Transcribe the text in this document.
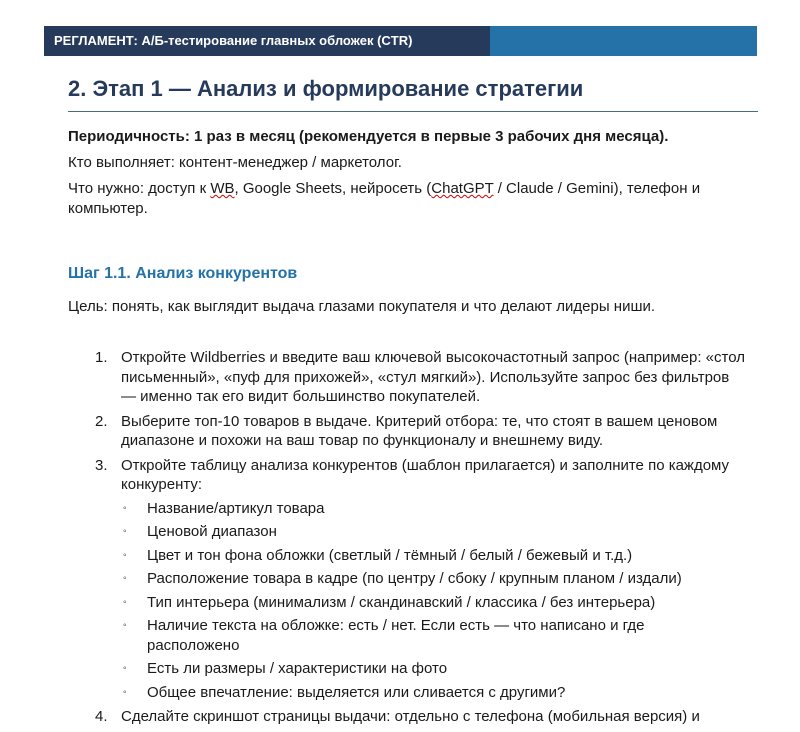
РЕГЛАМЕНТ: А/Б-тестирование главных обложек (CTR)
2. Этап 1 — Анализ и формирование стратегии
Периодичность: 1 раз в месяц (рекомендуется в первые 3 рабочих дня месяца).
Кто выполняет: контент-менеджер / маркетолог.
Что нужно: доступ к WB, Google Sheets, нейросеть (ChatGPT / Claude / Gemini), телефон и компьютер.
Шаг 1.1. Анализ конкурентов
Цель: понять, как выглядит выдача глазами покупателя и что делают лидеры ниши.
1. Откройте Wildberries и введите ваш ключевой высокочастотный запрос (например: «стол письменный», «пуф для прихожей», «стул мягкий»). Используйте запрос без фильтров — именно так его видит большинство покупателей.
2. Выберите топ-10 товаров в выдаче. Критерий отбора: те, что стоят в вашем ценовом диапазоне и похожи на ваш товар по функционалу и внешнему виду.
3. Откройте таблицу анализа конкурентов (шаблон прилагается) и заполните по каждому конкуренту:
◦ Название/артикул товара
◦ Ценовой диапазон
◦ Цвет и тон фона обложки (светлый / тёмный / белый / бежевый и т.д.)
◦ Расположение товара в кадре (по центру / сбоку / крупным планом / издали)
◦ Тип интерьера (минимализм / скандинавский / классика / без интерьера)
◦ Наличие текста на обложке: есть / нет. Если есть — что написано и где расположено
◦ Есть ли размеры / характеристики на фото
◦ Общее впечатление: выделяется или сливается с другими?
4. Сделайте скриншот страницы выдачи: отдельно с телефона (мобильная версия) и
